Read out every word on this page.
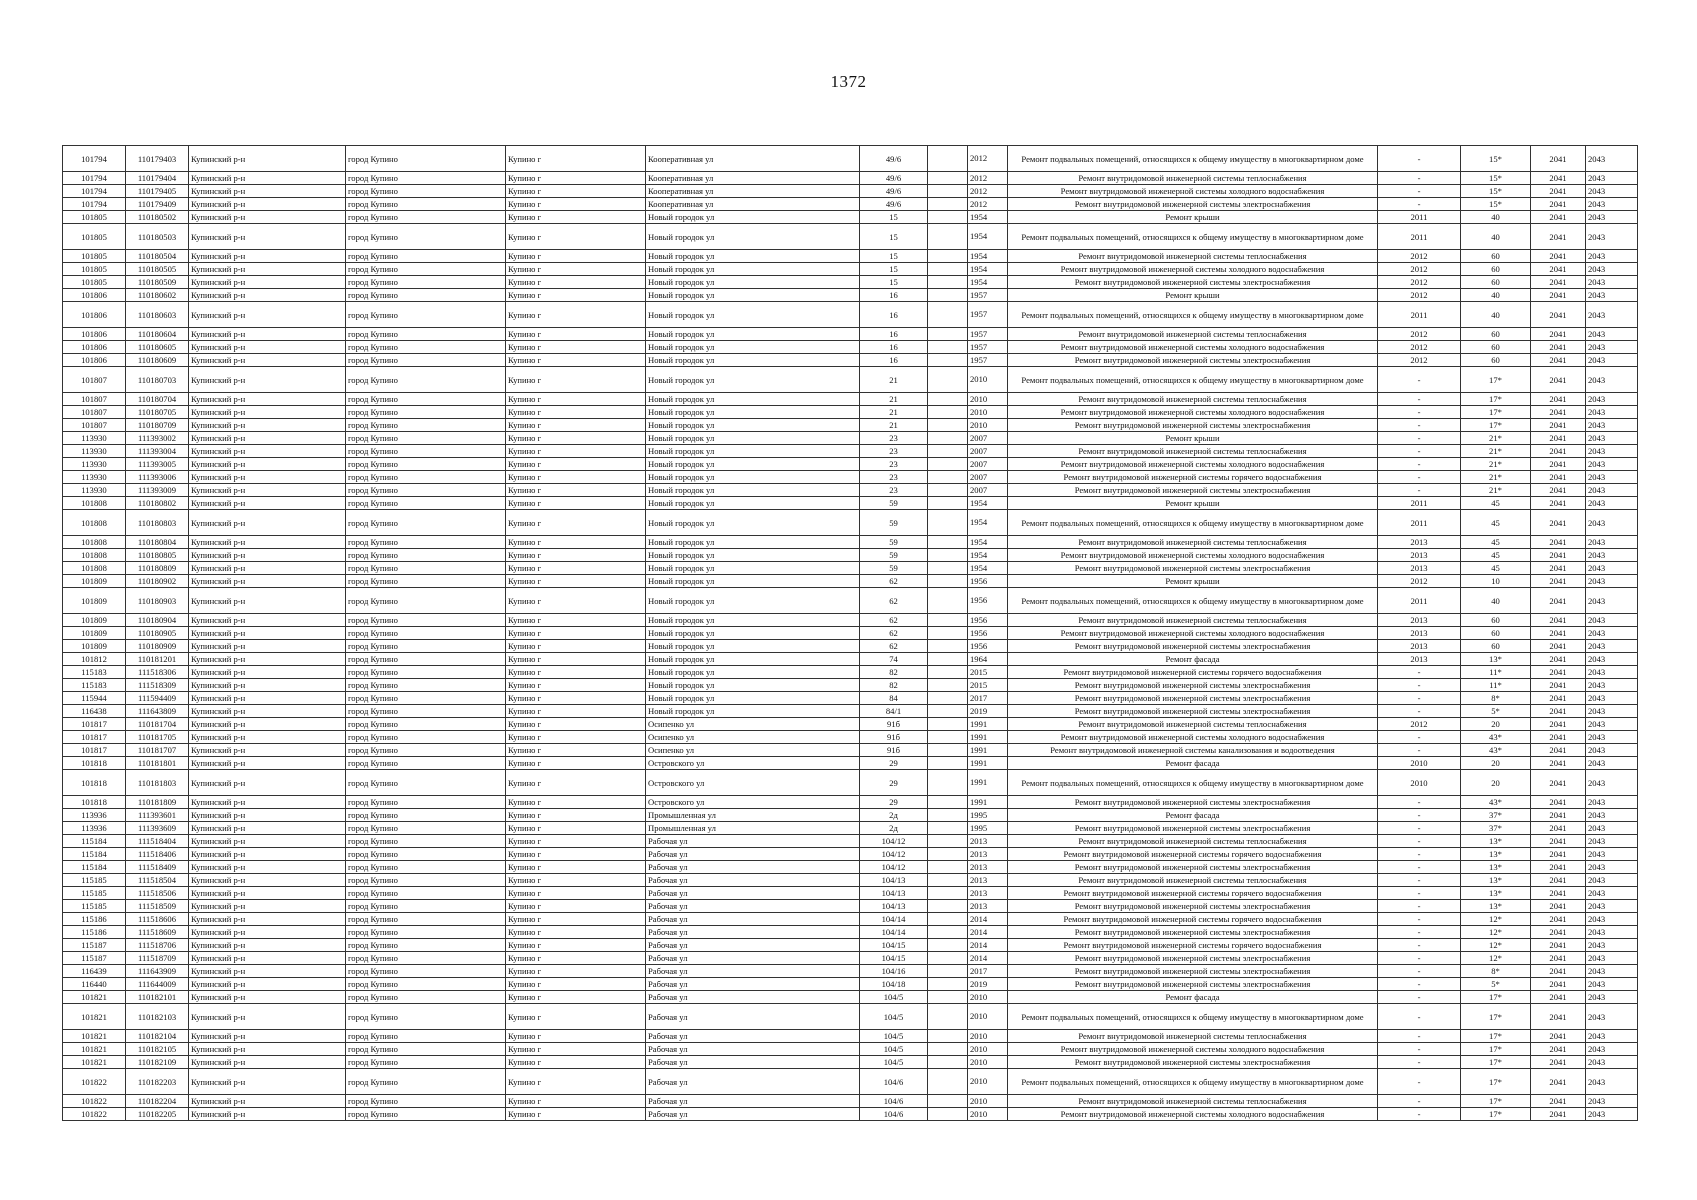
1372
101794	110179403	Купинский р-н	город Купино	Купино г	Кооперативная ул	49/6		2012	Ремонт подвальных помещений, относящихся к общему имуществу в многоквартирном доме	-	15*	2041	2043
101794	110179404	Купинский р-н	город Купино	Купино г	Кооперативная ул	49/6		2012	Ремонт внутридомовой инженерной системы теплоснабжения	-	15*	2041	2043
101794	110179405	Купинский р-н	город Купино	Купино г	Кооперативная ул	49/6		2012	Ремонт внутридомовой инженерной системы холодного водоснабжения	-	15*	2041	2043
101794	110179409	Купинский р-н	город Купино	Купино г	Кооперативная ул	49/6		2012	Ремонт внутридомовой инженерной системы электроснабжения	-	15*	2041	2043
101805	110180502	Купинский р-н	город Купино	Купино г	Новый городок ул	15		1954	Ремонт крыши	2011	40	2041	2043
101805	110180503	Купинский р-н	город Купино	Купино г	Новый городок ул	15		1954	Ремонт подвальных помещений, относящихся к общему имуществу в многоквартирном доме	2011	40	2041	2043
101805	110180504	Купинский р-н	город Купино	Купино г	Новый городок ул	15		1954	Ремонт внутридомовой инженерной системы теплоснабжения	2012	60	2041	2043
101805	110180505	Купинский р-н	город Купино	Купино г	Новый городок ул	15		1954	Ремонт внутридомовой инженерной системы холодного водоснабжения	2012	60	2041	2043
101805	110180509	Купинский р-н	город Купино	Купино г	Новый городок ул	15		1954	Ремонт внутридомовой инженерной системы электроснабжения	2012	60	2041	2043
101806	110180602	Купинский р-н	город Купино	Купино г	Новый городок ул	16		1957	Ремонт крыши	2012	40	2041	2043
101806	110180603	Купинский р-н	город Купино	Купино г	Новый городок ул	16		1957	Ремонт подвальных помещений, относящихся к общему имуществу в многоквартирном доме	2011	40	2041	2043
101806	110180604	Купинский р-н	город Купино	Купино г	Новый городок ул	16		1957	Ремонт внутридомовой инженерной системы теплоснабжения	2012	60	2041	2043
101806	110180605	Купинский р-н	город Купино	Купино г	Новый городок ул	16		1957	Ремонт внутридомовой инженерной системы холодного водоснабжения	2012	60	2041	2043
101806	110180609	Купинский р-н	город Купино	Купино г	Новый городок ул	16		1957	Ремонт внутридомовой инженерной системы электроснабжения	2012	60	2041	2043
101807	110180703	Купинский р-н	город Купино	Купино г	Новый городок ул	21		2010	Ремонт подвальных помещений, относящихся к общему имуществу в многоквартирном доме	-	17*	2041	2043
101807	110180704	Купинский р-н	город Купино	Купино г	Новый городок ул	21		2010	Ремонт внутридомовой инженерной системы теплоснабжения	-	17*	2041	2043
101807	110180705	Купинский р-н	город Купино	Купино г	Новый городок ул	21		2010	Ремонт внутридомовой инженерной системы холодного водоснабжения	-	17*	2041	2043
101807	110180709	Купинский р-н	город Купино	Купино г	Новый городок ул	21		2010	Ремонт внутридомовой инженерной системы электроснабжения	-	17*	2041	2043
113930	111393002	Купинский р-н	город Купино	Купино г	Новый городок ул	23		2007	Ремонт крыши	-	21*	2041	2043
113930	111393004	Купинский р-н	город Купино	Купино г	Новый городок ул	23		2007	Ремонт внутридомовой инженерной системы теплоснабжения	-	21*	2041	2043
113930	111393005	Купинский р-н	город Купино	Купино г	Новый городок ул	23		2007	Ремонт внутридомовой инженерной системы холодного водоснабжения	-	21*	2041	2043
113930	111393006	Купинский р-н	город Купино	Купино г	Новый городок ул	23		2007	Ремонт внутридомовой инженерной системы горячего водоснабжения	-	21*	2041	2043
113930	111393009	Купинский р-н	город Купино	Купино г	Новый городок ул	23		2007	Ремонт внутридомовой инженерной системы электроснабжения	-	21*	2041	2043
101808	110180802	Купинский р-н	город Купино	Купино г	Новый городок ул	59		1954	Ремонт крыши	2011	45	2041	2043
101808	110180803	Купинский р-н	город Купино	Купино г	Новый городок ул	59		1954	Ремонт подвальных помещений, относящихся к общему имуществу в многоквартирном доме	2011	45	2041	2043
101808	110180804	Купинский р-н	город Купино	Купино г	Новый городок ул	59		1954	Ремонт внутридомовой инженерной системы теплоснабжения	2013	45	2041	2043
101808	110180805	Купинский р-н	город Купино	Купино г	Новый городок ул	59		1954	Ремонт внутридомовой инженерной системы холодного водоснабжения	2013	45	2041	2043
101808	110180809	Купинский р-н	город Купино	Купино г	Новый городок ул	59		1954	Ремонт внутридомовой инженерной системы электроснабжения	2013	45	2041	2043
101809	110180902	Купинский р-н	город Купино	Купино г	Новый городок ул	62		1956	Ремонт крыши	2012	10	2041	2043
101809	110180903	Купинский р-н	город Купино	Купино г	Новый городок ул	62		1956	Ремонт подвальных помещений, относящихся к общему имуществу в многоквартирном доме	2011	40	2041	2043
101809	110180904	Купинский р-н	город Купино	Купино г	Новый городок ул	62		1956	Ремонт внутридомовой инженерной системы теплоснабжения	2013	60	2041	2043
101809	110180905	Купинский р-н	город Купино	Купино г	Новый городок ул	62		1956	Ремонт внутридомовой инженерной системы холодного водоснабжения	2013	60	2041	2043
101809	110180909	Купинский р-н	город Купино	Купино г	Новый городок ул	62		1956	Ремонт внутридомовой инженерной системы электроснабжения	2013	60	2041	2043
101812	110181201	Купинский р-н	город Купино	Купино г	Новый городок ул	74		1964	Ремонт фасада	2013	13*	2041	2043
115183	111518306	Купинский р-н	город Купино	Купино г	Новый городок ул	82		2015	Ремонт внутридомовой инженерной системы горячего водоснабжения	-	11*	2041	2043
115183	111518309	Купинский р-н	город Купино	Купино г	Новый городок ул	82		2015	Ремонт внутридомовой инженерной системы электроснабжения	-	11*	2041	2043
115944	111594409	Купинский р-н	город Купино	Купино г	Новый городок ул	84		2017	Ремонт внутридомовой инженерной системы электроснабжения	-	8*	2041	2043
116438	111643809	Купинский р-н	город Купино	Купино г	Новый городок ул	84/1		2019	Ремонт внутридомовой инженерной системы электроснабжения	-	5*	2041	2043
101817	110181704	Купинский р-н	город Купино	Купино г	Осипенко ул	91б		1991	Ремонт внутридомовой инженерной системы теплоснабжения	2012	20	2041	2043
101817	110181705	Купинский р-н	город Купино	Купино г	Осипенко ул	91б		1991	Ремонт внутридомовой инженерной системы холодного водоснабжения	-	43*	2041	2043
101817	110181707	Купинский р-н	город Купино	Купино г	Осипенко ул	91б		1991	Ремонт внутридомовой инженерной системы канализования и водоотведения	-	43*	2041	2043
101818	110181801	Купинский р-н	город Купино	Купино г	Островского ул	29		1991	Ремонт фасада	2010	20	2041	2043
101818	110181803	Купинский р-н	город Купино	Купино г	Островского ул	29		1991	Ремонт подвальных помещений, относящихся к общему имуществу в многоквартирном доме	2010	20	2041	2043
101818	110181809	Купинский р-н	город Купино	Купино г	Островского ул	29		1991	Ремонт внутридомовой инженерной системы электроснабжения	-	43*	2041	2043
113936	111393601	Купинский р-н	город Купино	Купино г	Промышленная ул	2д		1995	Ремонт фасада	-	37*	2041	2043
113936	111393609	Купинский р-н	город Купино	Купино г	Промышленная ул	2д		1995	Ремонт внутридомовой инженерной системы электроснабжения	-	37*	2041	2043
115184	111518404	Купинский р-н	город Купино	Купино г	Рабочая ул	104/12		2013	Ремонт внутридомовой инженерной системы теплоснабжения	-	13*	2041	2043
115184	111518406	Купинский р-н	город Купино	Купино г	Рабочая ул	104/12		2013	Ремонт внутридомовой инженерной системы горячего водоснабжения	-	13*	2041	2043
115184	111518409	Купинский р-н	город Купино	Купино г	Рабочая ул	104/12		2013	Ремонт внутридомовой инженерной системы электроснабжения	-	13*	2041	2043
115185	111518504	Купинский р-н	город Купино	Купино г	Рабочая ул	104/13		2013	Ремонт внутридомовой инженерной системы теплоснабжения	-	13*	2041	2043
115185	111518506	Купинский р-н	город Купино	Купино г	Рабочая ул	104/13		2013	Ремонт внутридомовой инженерной системы горячего водоснабжения	-	13*	2041	2043
115185	111518509	Купинский р-н	город Купино	Купино г	Рабочая ул	104/13		2013	Ремонт внутридомовой инженерной системы электроснабжения	-	13*	2041	2043
115186	111518606	Купинский р-н	город Купино	Купино г	Рабочая ул	104/14		2014	Ремонт внутридомовой инженерной системы горячего водоснабжения	-	12*	2041	2043
115186	111518609	Купинский р-н	город Купино	Купино г	Рабочая ул	104/14		2014	Ремонт внутридомовой инженерной системы электроснабжения	-	12*	2041	2043
115187	111518706	Купинский р-н	город Купино	Купино г	Рабочая ул	104/15		2014	Ремонт внутридомовой инженерной системы горячего водоснабжения	-	12*	2041	2043
115187	111518709	Купинский р-н	город Купино	Купино г	Рабочая ул	104/15		2014	Ремонт внутридомовой инженерной системы электроснабжения	-	12*	2041	2043
116439	111643909	Купинский р-н	город Купино	Купино г	Рабочая ул	104/16		2017	Ремонт внутридомовой инженерной системы электроснабжения	-	8*	2041	2043
116440	111644009	Купинский р-н	город Купино	Купино г	Рабочая ул	104/18		2019	Ремонт внутридомовой инженерной системы электроснабжения	-	5*	2041	2043
101821	110182101	Купинский р-н	город Купино	Купино г	Рабочая ул	104/5		2010	Ремонт фасада	-	17*	2041	2043
101821	110182103	Купинский р-н	город Купино	Купино г	Рабочая ул	104/5		2010	Ремонт подвальных помещений, относящихся к общему имуществу в многоквартирном доме	-	17*	2041	2043
101821	110182104	Купинский р-н	город Купино	Купино г	Рабочая ул	104/5		2010	Ремонт внутридомовой инженерной системы теплоснабжения	-	17*	2041	2043
101821	110182105	Купинский р-н	город Купино	Купино г	Рабочая ул	104/5		2010	Ремонт внутридомовой инженерной системы холодного водоснабжения	-	17*	2041	2043
101821	110182109	Купинский р-н	город Купино	Купино г	Рабочая ул	104/5		2010	Ремонт внутридомовой инженерной системы электроснабжения	-	17*	2041	2043
101822	110182203	Купинский р-н	город Купино	Купино г	Рабочая ул	104/6		2010	Ремонт подвальных помещений, относящихся к общему имуществу в многоквартирном доме	-	17*	2041	2043
101822	110182204	Купинский р-н	город Купино	Купино г	Рабочая ул	104/6		2010	Ремонт внутридомовой инженерной системы теплоснабжения	-	17*	2041	2043
101822	110182205	Купинский р-н	город Купино	Купино г	Рабочая ул	104/6		2010	Ремонт внутридомовой инженерной системы холодного водоснабжения	-	17*	2041	2043
